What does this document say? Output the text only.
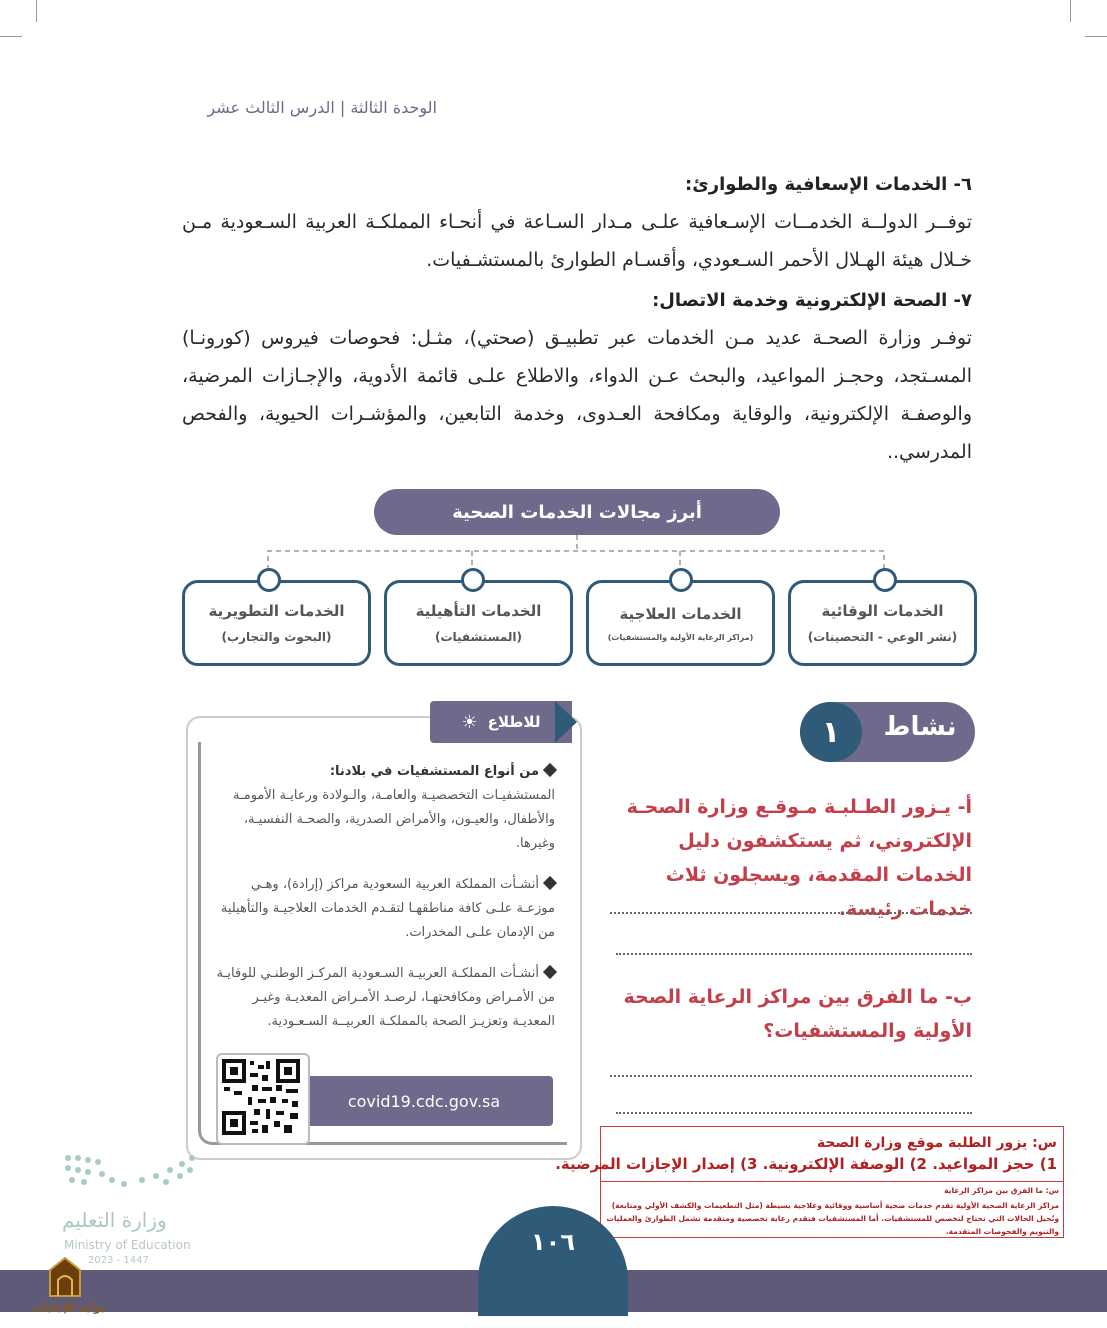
الوحدة الثالثة | الدرس الثالث عشر
٦- الخدمات الإسعافية والطوارئ:
توفــر الدولــة الخدمــات الإسـعافية علـى مـدار السـاعة في أنحـاء المملكـة العربية السـعودية مـن خـلال هيئة الهـلال الأحمر السـعودي، وأقسـام الطوارئ بالمستشـفيات.
٧- الصحة الإلكترونية وخدمة الاتصال:
توفـر وزارة الصحـة عديد مـن الخدمات عبر تطبيـق (صحتي)، مثـل: فحوصات فيروس (كورونـا) المسـتجد، وحجـز المواعيد، والبحث عـن الدواء، والاطلاع علـى قائمة الأدوية، والإجـازات المرضية، والوصفـة الإلكترونية، والوقاية ومكافحة العـدوى، وخدمة التابعين، والمؤشـرات الحيوية، والفحص المدرسي..
أبرز مجالات الخدمات الصحية
الخدمات الوقائية
(نشر الوعي - التحصينات)
الخدمات العلاجية
(مراكز الرعاية الأولية والمستشفيات)
الخدمات التأهيلية
(المستشفيات)
الخدمات التطويرية
(البحوث والتجارب)
١	نشاط
أ- يـزور الطـلبـة مـوقـع وزارة الصحـة الإلكتروني، ثم يستكشفون دليل الخدمات المقدمة، ويسجلون ثلاث خدمات رئيسة.
ب- ما الفرق بين مراكز الرعاية الصحة الأولية والمستشفيات؟
للاطلاع
☀
من أنواع المستشفيات في بلادنا:
المستشفيـات التخصصيـة والعامـة، والـولادة ورعايـة الأمومـة والأطفال، والعيـون، والأمراض الصدرية، والصحـة النفسيـة، وغيرها.
أنشـأت المملكة العربية السعودية مراكز (إرادة)، وهـي موزعـة علـى كافة مناطقهـا لتقـدم الخدمات العلاجيـة والتأهيلية من الإدمان علـى المخدرات.
أنشـأت المملكـة العربيـة السـعودية المركـز الوطنـي للوقايـة من الأمـراض ومكافحتهـا، لرصـد الأمـراض المعديـة وغيـر المعديـة وتعزيـز الصحة بالمملكـة العربيــة السـعـودية.
covid19.cdc.gov.sa
س: يزور الطلبة موقع وزارة الصحة
1) حجز المواعيد. 2) الوصفة الإلكترونية. 3) إصدار الإجازات المرضية.
س: ما الفرق بين مراكز الرعاية
مراكز الرعاية الصحية الأولية تقدم خدمات صحية أساسية ووقائية وعلاجية بسيطة (مثل التطعيمات والكشف الأولي ومتابعة) وتُحيل الحالات التي تحتاج لتخصص للمستشفيات. أما المستشفيات فتقدم رعاية تخصصية ومتقدمة تشمل الطوارئ والعمليات والتنويم والفحوصات المتقدمة.
وزارة التعليم
Ministry of Education
2023 - 1447
١٠٦
بوابة الإجابات
